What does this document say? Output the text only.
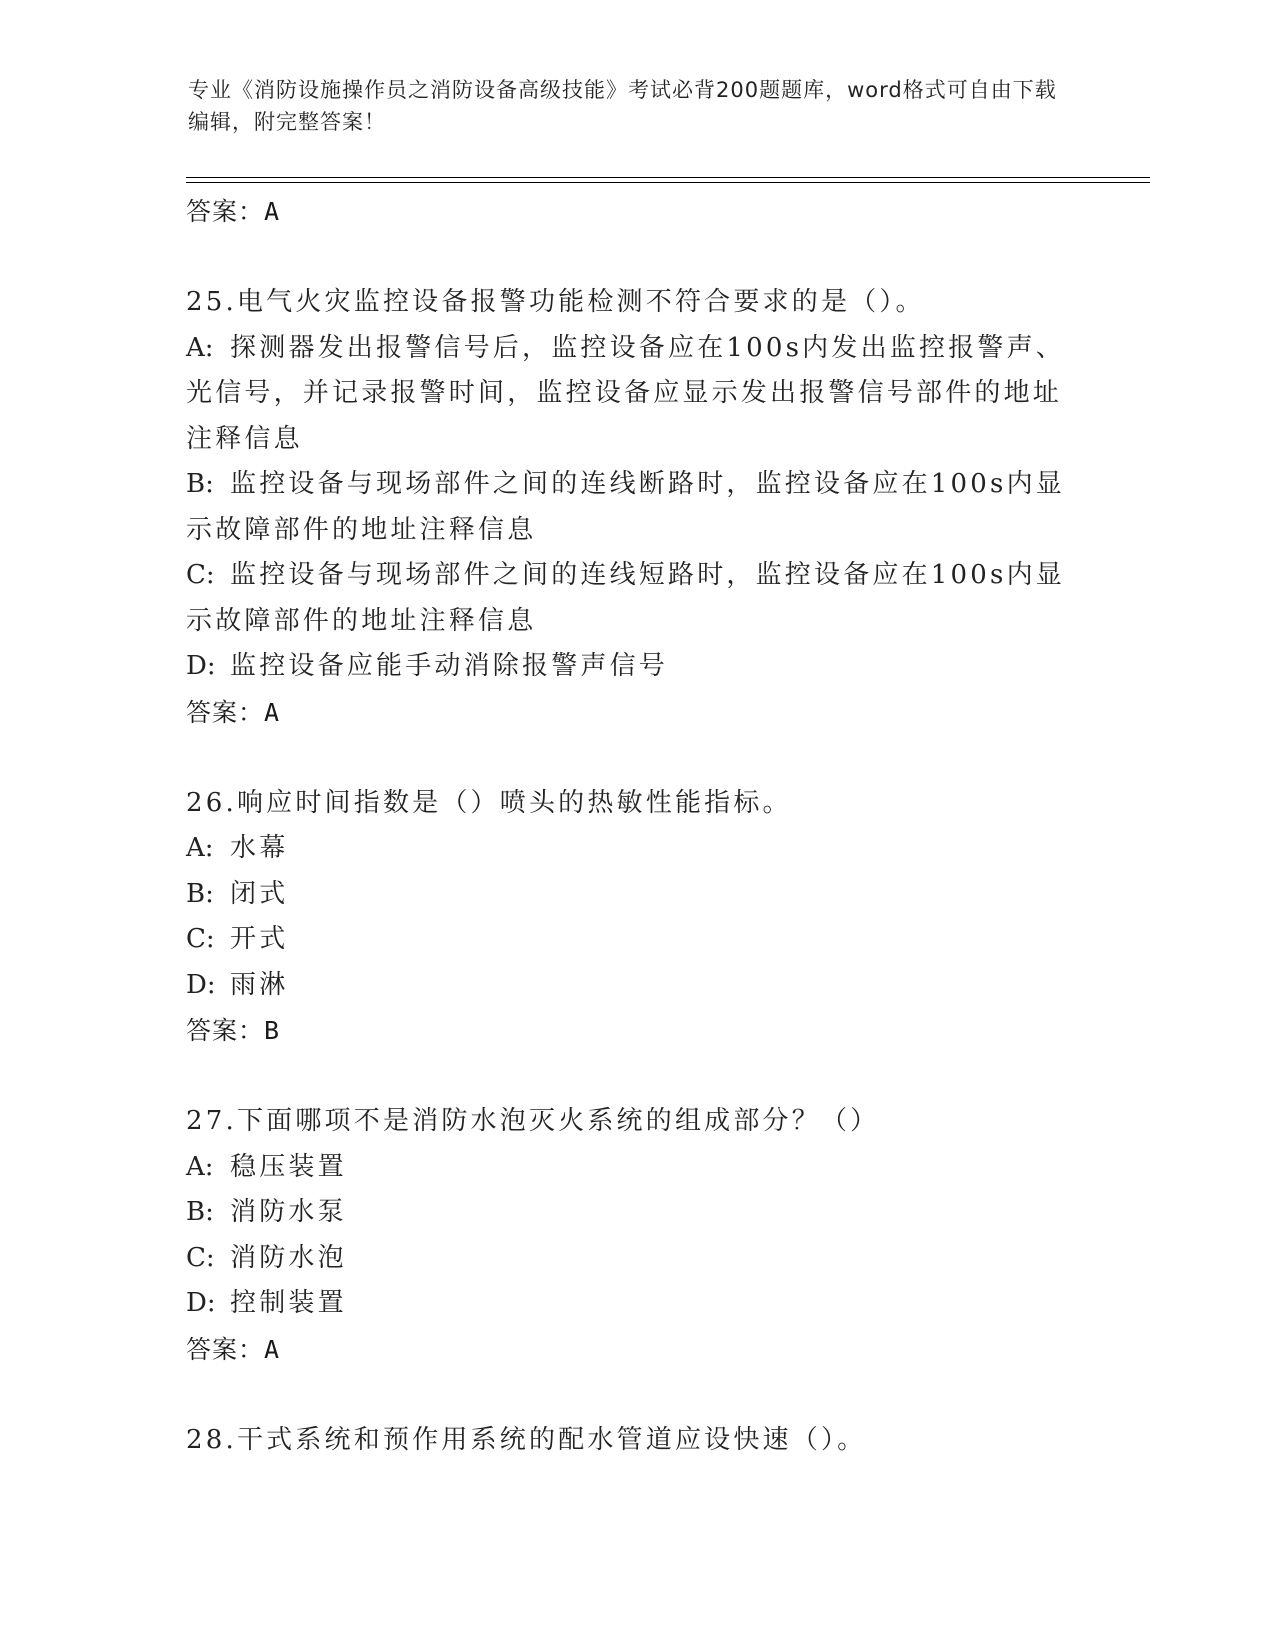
专业《消防设施操作员之消防设备高级技能》考试必背200题题库，word格式可自由下载编辑，附完整答案！
答案：A
25.电气火灾监控设备报警功能检测不符合要求的是（）。
A: 探测器发出报警信号后，监控设备应在100s内发出监控报警声、光信号，并记录报警时间，监控设备应显示发出报警信号部件的地址注释信息
B: 监控设备与现场部件之间的连线断路时，监控设备应在100s内显示故障部件的地址注释信息
C: 监控设备与现场部件之间的连线短路时，监控设备应在100s内显示故障部件的地址注释信息
D: 监控设备应能手动消除报警声信号
答案：A
26.响应时间指数是（）喷头的热敏性能指标。
A: 水幕
B: 闭式
C: 开式
D: 雨淋
答案：B
27.下面哪项不是消防水泡灭火系统的组成部分？（）
A: 稳压装置
B: 消防水泵
C: 消防水泡
D: 控制装置
答案：A
28.干式系统和预作用系统的配水管道应设快速（）。
